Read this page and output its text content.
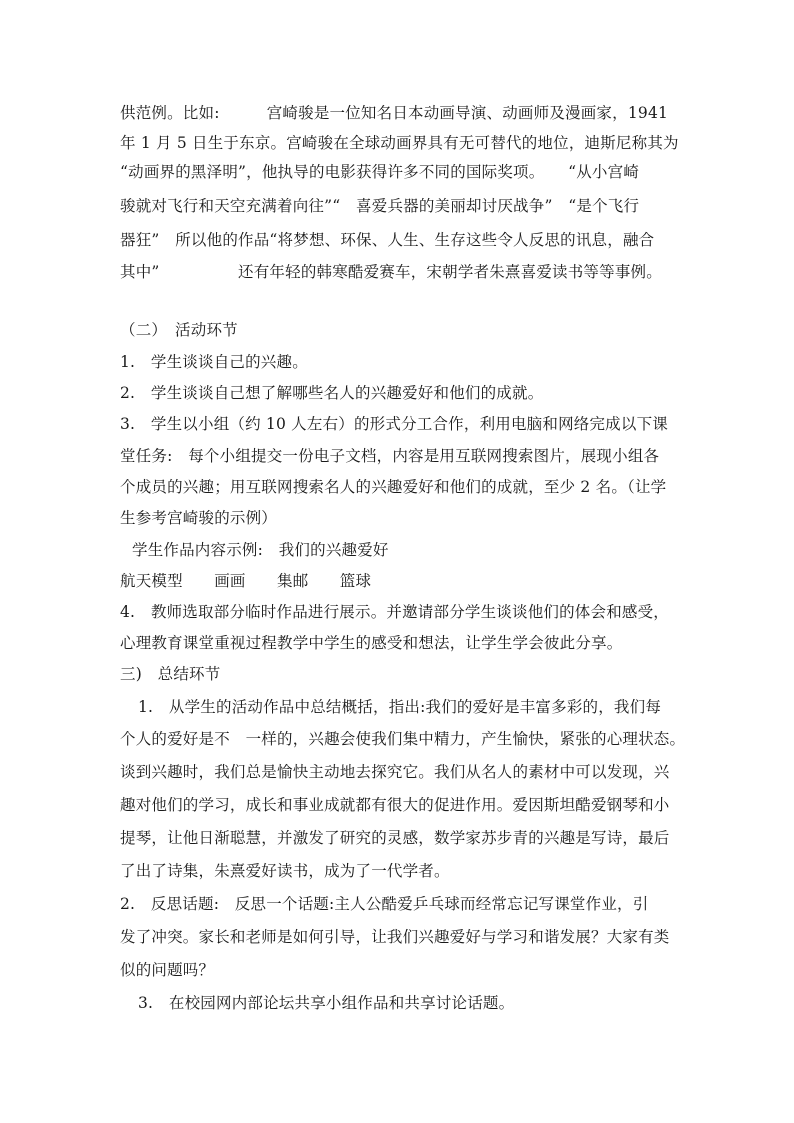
供范例。比如:　　　宫崎骏是一位知名日本动画导演、动画师及漫画家，1941
年 1 月 5 日生于东京。宫崎骏在全球动画界具有无可替代的地位，迪斯尼称其为
“动画界的黑泽明”，他执导的电影获得许多不同的国际奖项。　　“从小宫崎
骏就对飞行和天空充满着向往”“　喜爱兵器的美丽却讨厌战争”　“是个飞行
器狂”　所以他的作品“将梦想、环保、人生、生存这些令人反思的讯息，融合
其中”　　　　　还有年轻的韩寒酷爱赛车，宋朝学者朱熹喜爱读书等等事例。
（二）　活动环节
1.　学生谈谈自己的兴趣。
2.　学生谈谈自己想了解哪些名人的兴趣爱好和他们的成就。
3.　学生以小组（约 10 人左右）的形式分工合作，利用电脑和网络完成以下课
堂任务:　每个小组提交一份电子文档，内容是用互联网搜索图片，展现小组各
个成员的兴趣；用互联网搜索名人的兴趣爱好和他们的成就，至少 2 名。（让学
生参考宫崎骏的示例）
学生作品内容示例:　我们的兴趣爱好
航天模型　　画画　　集邮　　篮球
4.　教师选取部分临时作品进行展示。并邀请部分学生谈谈他们的体会和感受，
心理教育课堂重视过程教学中学生的感受和想法，让学生学会彼此分享。
三)　总结环节
1.　从学生的活动作品中总结概括，指出:我们的爱好是丰富多彩的，我们每
个人的爱好是不　一样的，兴趣会使我们集中精力，产生愉快，紧张的心理状态。
谈到兴趣时，我们总是愉快主动地去探究它。我们从名人的素材中可以发现，兴
趣对他们的学习，成长和事业成就都有很大的促进作用。爱因斯坦酷爱钢琴和小
提琴，让他日渐聪慧，并激发了研究的灵感，数学家苏步青的兴趣是写诗，最后
了出了诗集，朱熹爱好读书，成为了一代学者。
2.　反思话题:　反思一个话题:主人公酷爱乒乓球而经常忘记写课堂作业，引
发了冲突。家长和老师是如何引导，让我们兴趣爱好与学习和谐发展？大家有类
似的问题吗？
3.　在校园网内部论坛共享小组作品和共享讨论话题。
